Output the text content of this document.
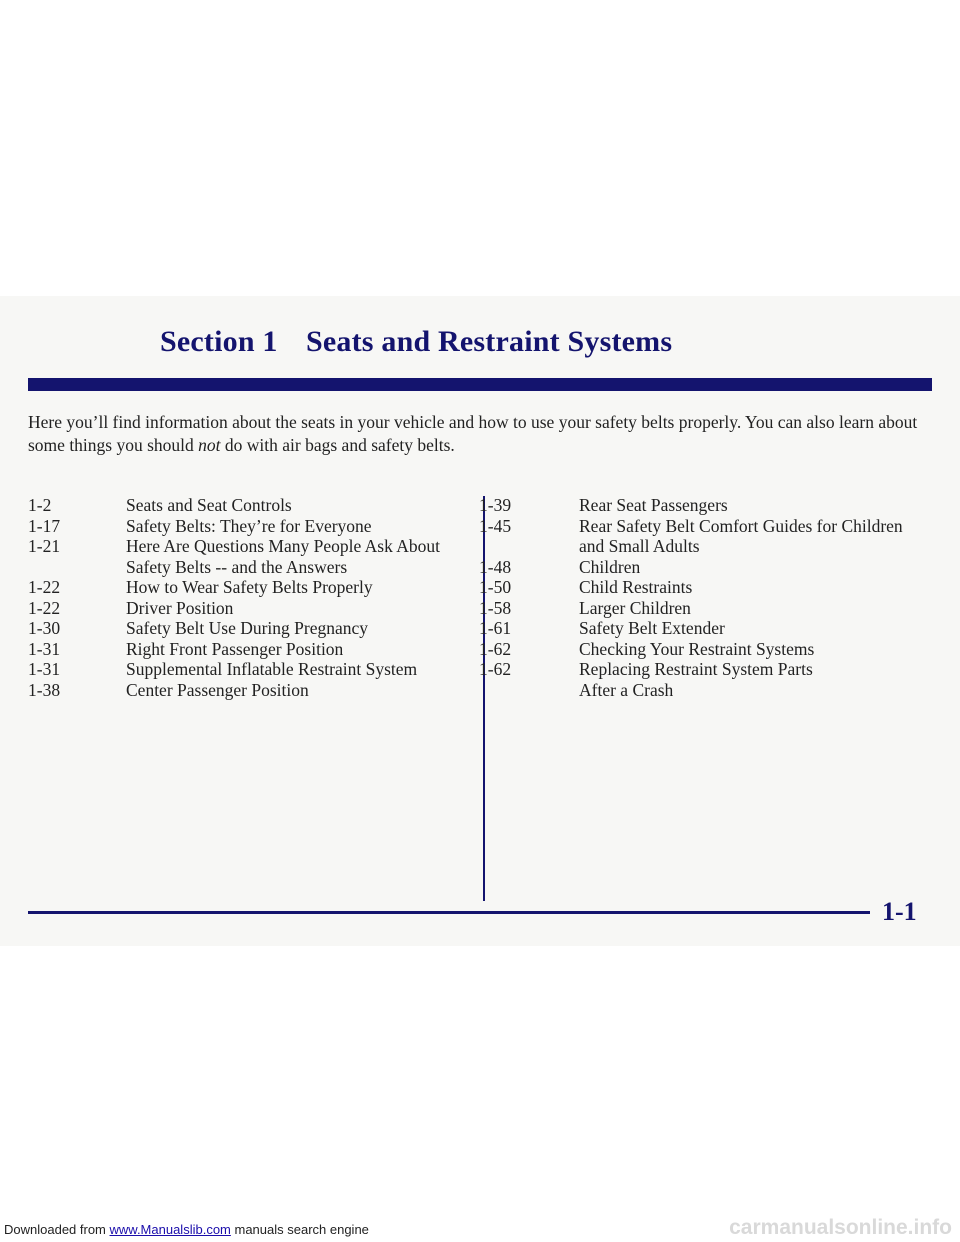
Section 1 Seats and Restraint Systems

Here you’ll find information about the seats in your vehicle and how to use your safety belts properly. You can also learn about some things you should not do with air bags and safety belts.

1-2	Seats and Seat Controls
1-17	Safety Belts: They’re for Everyone
1-21	Here Are Questions Many People Ask About
Safety Belts -- and the Answers
1-22	How to Wear Safety Belts Properly
1-22	Driver Position
1-30	Safety Belt Use During Pregnancy
1-31	Right Front Passenger Position
1-31	Supplemental Inflatable Restraint System
1-38	Center Passenger Position
1-39	Rear Seat Passengers
1-45	Rear Safety Belt Comfort Guides for Children
and Small Adults
1-48	Children
1-50	Child Restraints
1-58	Larger Children
1-61	Safety Belt Extender
1-62	Checking Your Restraint Systems
1-62	Replacing Restraint System Parts
After a Crash
1-1
Downloaded from www.Manualslib.com manuals search engine	carmanualsonline.info
